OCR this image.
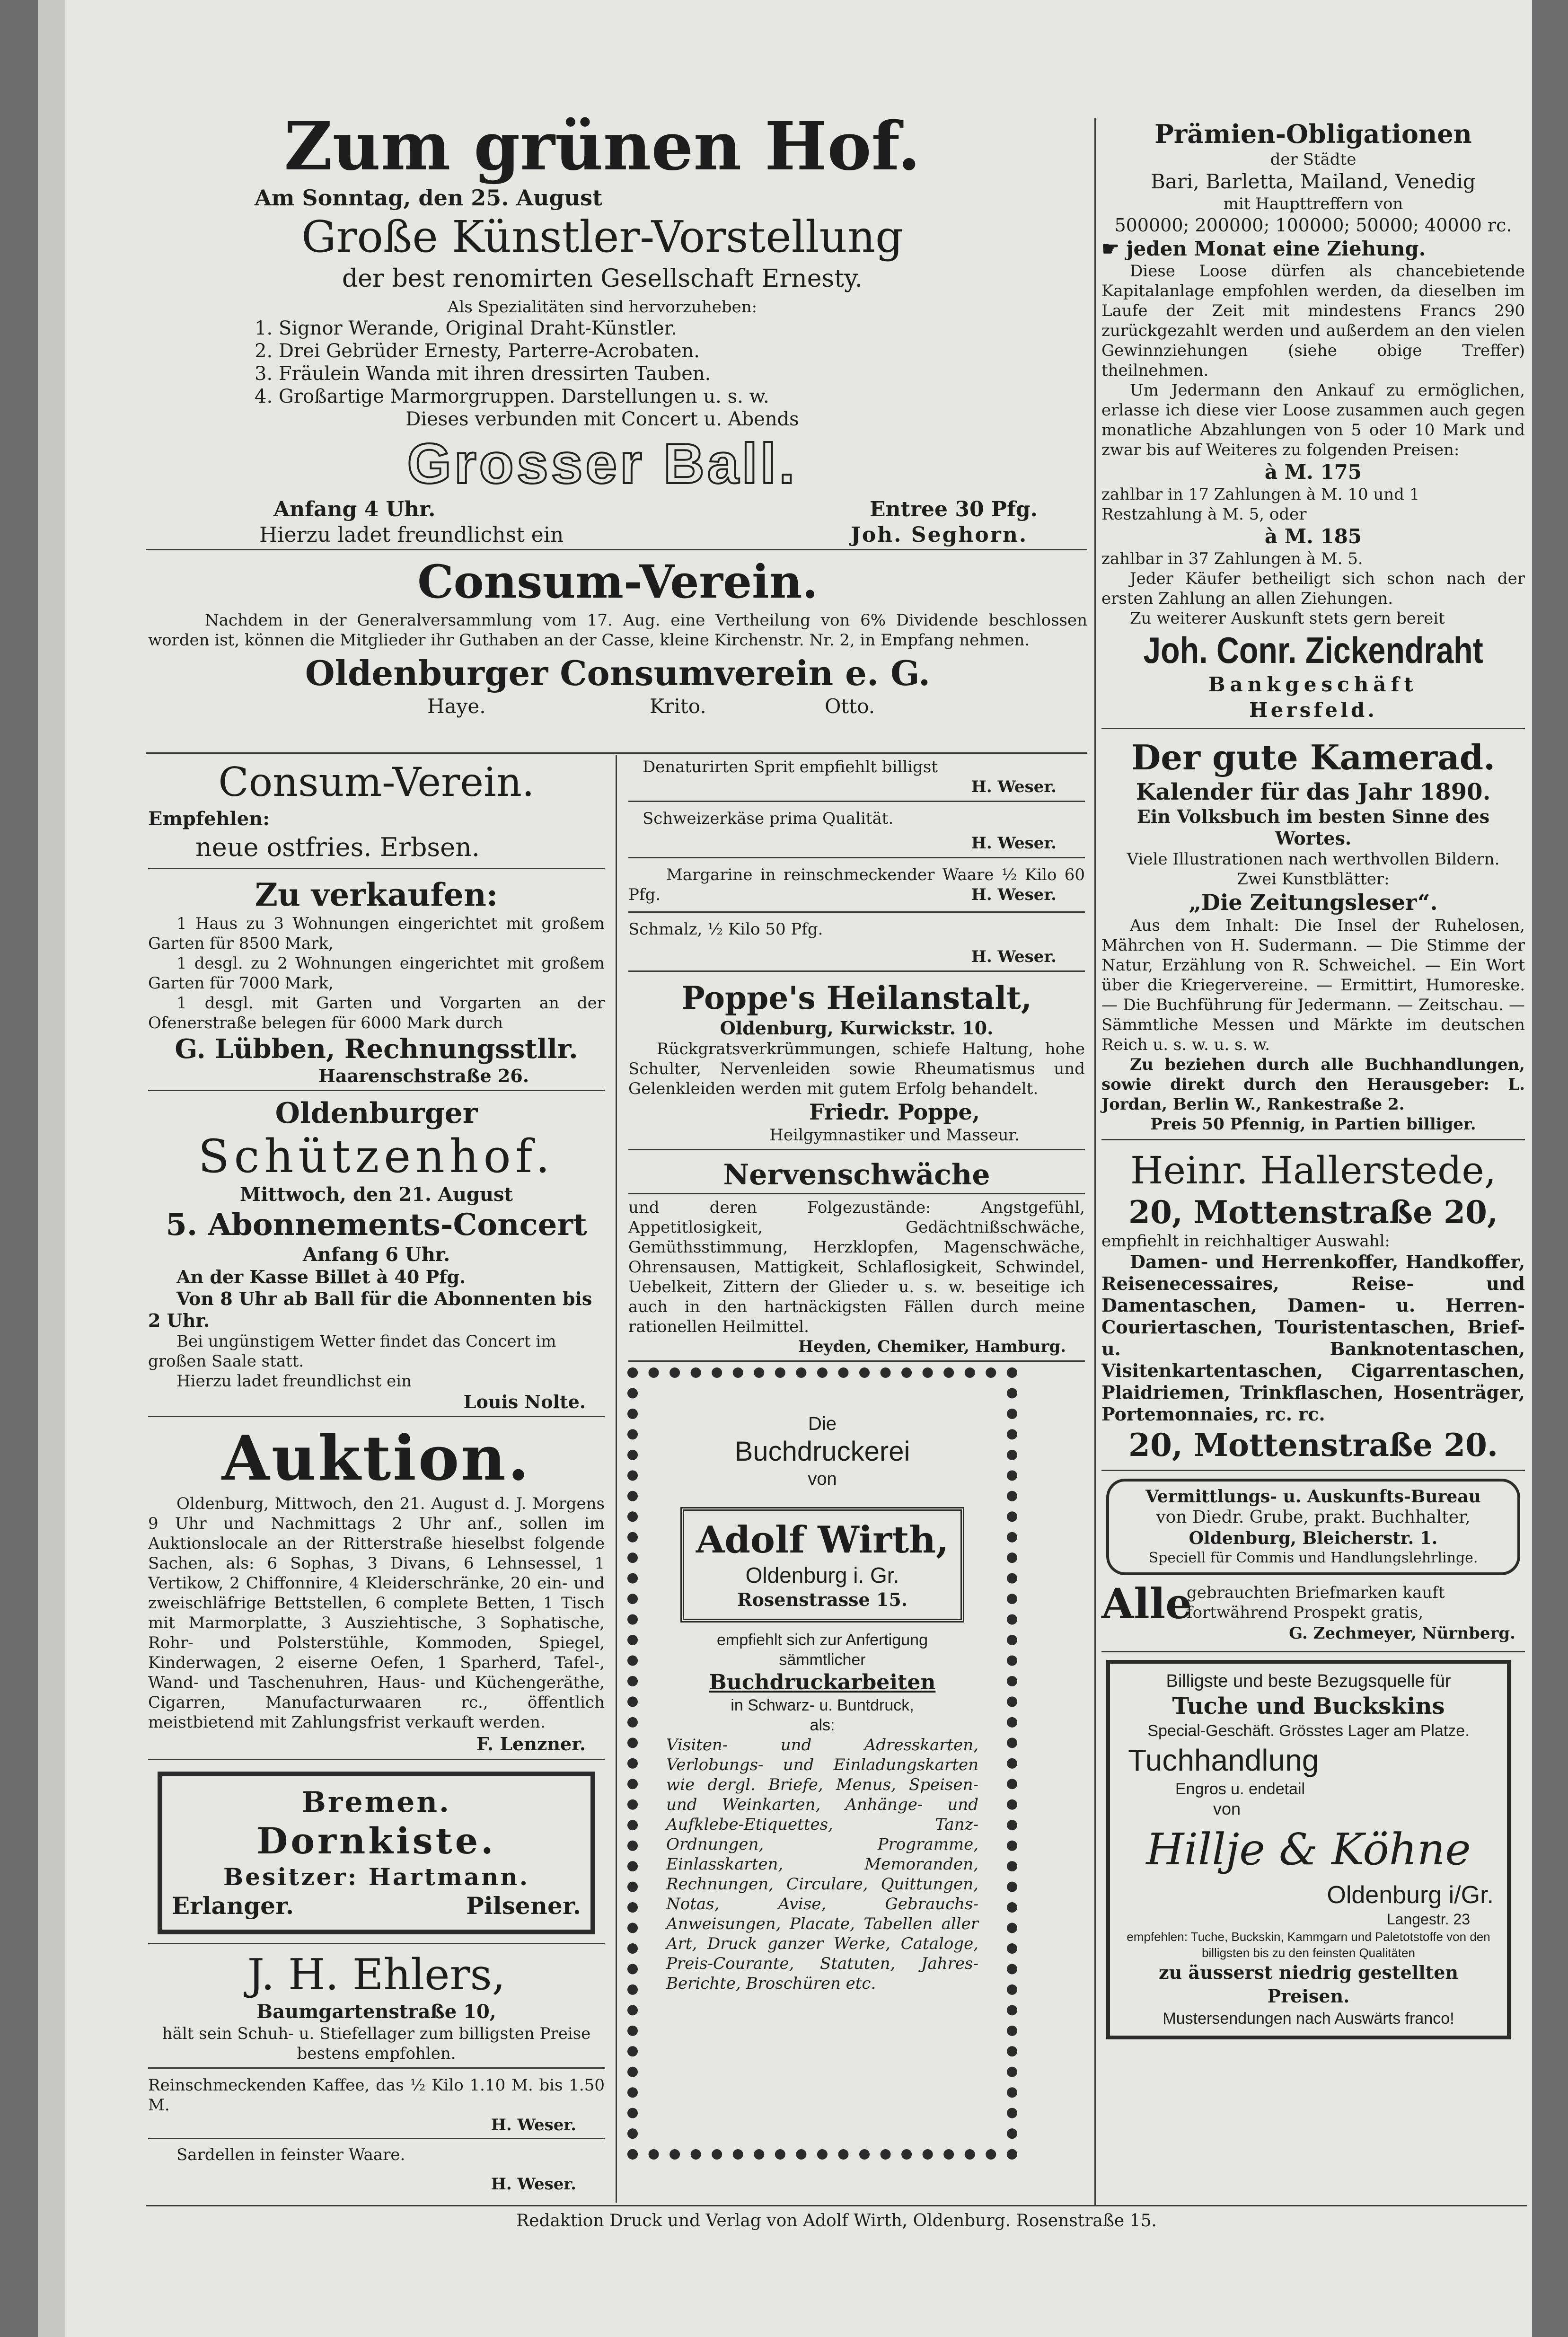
Zum grünen Hof.
Am Sonntag, den 25. August
Große Künstler-Vorstellung
der best renomirten Gesellschaft Ernesty.
Als Spezialitäten sind hervorzuheben:
1. Signor Werande, Original Draht-Künstler.
2. Drei Gebrüder Ernesty, Parterre-Acrobaten.
3. Fräulein Wanda mit ihren dressirten Tauben.
4. Großartige Marmorgruppen. Darstellungen u. s. w.
Dieses verbunden mit Concert u. Abends
Grosser Ball.
Anfang 4 Uhr.	Entree 30 Pfg.
Hierzu ladet freundlichst ein	Joh. Seghorn.
Consum-Verein.
Nachdem in der Generalversammlung vom 17. Aug. eine Vertheilung von 6% Dividende beschlossen worden ist, können die Mitglieder ihr Guthaben an der Casse, kleine Kirchenstr. Nr. 2, in Empfang nehmen.
Oldenburger Consumverein e. G.
Haye.	Krito.	Otto.
Consum-Verein.
Empfehlen:
neue ostfries. Erbsen.
Zu verkaufen:
1 Haus zu 3 Wohnungen eingerichtet mit großem Garten für 8500 Mark,
1 desgl. zu 2 Wohnungen eingerichtet mit großem Garten für 7000 Mark,
1 desgl. mit Garten und Vorgarten an der Ofenerstraße belegen für 6000 Mark durch
G. Lübben, Rechnungsstllr.
Haarenschstraße 26.
Oldenburger
Schützenhof.
Mittwoch, den 21. August
5. Abonnements-Concert
Anfang 6 Uhr.
An der Kasse Billet à 40 Pfg.
Von 8 Uhr ab Ball für die Abonnenten bis 2 Uhr.
Bei ungünstigem Wetter findet das Concert im großen Saale statt.
Hierzu ladet freundlichst ein
Louis Nolte.
Auktion.
Oldenburg, Mittwoch, den 21. August d. J. Morgens 9 Uhr und Nachmittags 2 Uhr anf., sollen im Auktionslocale an der Ritterstraße hieselbst folgende Sachen, als: 6 Sophas, 3 Divans, 6 Lehnsessel, 1 Vertikow, 2 Chiffonnire, 4 Kleiderschränke, 20 ein- und zweischläfrige Bettstellen, 6 complete Betten, 1 Tisch mit Marmorplatte, 3 Ausziehtische, 3 Sophatische, Rohr- und Polsterstühle, Kommoden, Spiegel, Kinderwagen, 2 eiserne Oefen, 1 Sparherd, Tafel-, Wand- und Taschenuhren, Haus- und Küchengeräthe, Cigarren, Manufacturwaaren rc., öffentlich meistbietend mit Zahlungsfrist verkauft werden.
F. Lenzner.
Bremen.
Dornkiste.
Besitzer: Hartmann.
Erlanger.	Pilsener.
J. H. Ehlers,
Baumgartenstraße 10,
hält sein Schuh- u. Stiefellager zum billigsten Preise bestens empfohlen.
Reinschmeckenden Kaffee, das ½ Kilo 1.10 M. bis 1.50 M.
H. Weser.
Sardellen in feinster Waare.
H. Weser.
Denaturirten Sprit empfiehlt billigst
H. Weser.
Schweizerkäse prima Qualität.
H. Weser.
Margarine in reinschmeckender Waare ½ Kilo 60 Pfg.	H. Weser.
Schmalz, ½ Kilo 50 Pfg.
H. Weser.
Poppe's Heilanstalt,
Oldenburg, Kurwickstr. 10.
Rückgratsverkrümmungen, schiefe Haltung, hohe Schulter, Nervenleiden sowie Rheumatismus und Gelenkleiden werden mit gutem Erfolg behandelt.
Friedr. Poppe,
Heilgymnastiker und Masseur.
Nervenschwäche
und deren Folgezustände: Angstgefühl, Appetitlosigkeit, Gedächtnißschwäche, Gemüthsstimmung, Herzklopfen, Magenschwäche, Ohrensausen, Mattigkeit, Schlaflosigkeit, Schwindel, Uebelkeit, Zittern der Glieder u. s. w. beseitige ich auch in den hartnäckigsten Fällen durch meine rationellen Heilmittel.
Heyden, Chemiker, Hamburg.
Die
Buchdruckerei
von
Adolf Wirth,
Oldenburg i. Gr.
Rosenstrasse 15.
empfiehlt sich zur Anfertigung
sämmtlicher
Buchdruckarbeiten
in Schwarz- u. Buntdruck,
als:
Visiten- und Adresskarten, Verlobungs- und Einladungskarten wie dergl. Briefe, Menus, Speisen- und Weinkarten, Anhänge- und Aufklebe-Etiquettes, Tanz-Ordnungen, Programme, Einlasskarten, Memoranden, Rechnungen, Circulare, Quittungen, Notas, Avise, Gebrauchs-Anweisungen, Placate, Tabellen aller Art, Druck ganzer Werke, Cataloge, Preis-Courante, Statuten, Jahres-Berichte, Broschüren etc.
Prämien-Obligationen
der Städte
Bari, Barletta, Mailand, Venedig
mit Haupttreffern von
500000; 200000; 100000; 50000; 40000 rc.
☛ jeden Monat eine Ziehung.
Diese Loose dürfen als chancebietende Kapitalanlage empfohlen werden, da dieselben im Laufe der Zeit mit mindestens Francs 290 zurückgezahlt werden und außerdem an den vielen Gewinnziehungen (siehe obige Treffer) theilnehmen.
Um Jedermann den Ankauf zu ermöglichen, erlasse ich diese vier Loose zusammen auch gegen monatliche Abzahlungen von 5 oder 10 Mark und zwar bis auf Weiteres zu folgenden Preisen:
à M. 175
zahlbar in 17 Zahlungen à M. 10 und 1 Restzahlung à M. 5, oder
à M. 185
zahlbar in 37 Zahlungen à M. 5.
Jeder Käufer betheiligt sich schon nach der ersten Zahlung an allen Ziehungen.
Zu weiterer Auskunft stets gern bereit
Joh. Conr. Zickendraht
Bankgeschäft
Hersfeld.
Der gute Kamerad.
Kalender für das Jahr 1890.
Ein Volksbuch im besten Sinne des Wortes.
Viele Illustrationen nach werthvollen Bildern.
Zwei Kunstblätter:
„Die Zeitungsleser“.
Aus dem Inhalt: Die Insel der Ruhelosen, Mährchen von H. Sudermann. — Die Stimme der Natur, Erzählung von R. Schweichel. — Ein Wort über die Kriegervereine. — Ermittirt, Humoreske. — Die Buchführung für Jedermann. — Zeitschau. — Sämmtliche Messen und Märkte im deutschen Reich u. s. w. u. s. w.
Zu beziehen durch alle Buchhandlungen, sowie direkt durch den Herausgeber: L. Jordan, Berlin W., Rankestraße 2.
Preis 50 Pfennig, in Partien billiger.
Heinr. Hallerstede,
20, Mottenstraße 20,
empfiehlt in reichhaltiger Auswahl:
Damen- und Herrenkoffer, Handkoffer, Reisenecessaires, Reise- und Damentaschen, Damen- u. Herren-Couriertaschen, Touristentaschen, Brief- u. Banknotentaschen, Visitenkartentaschen, Cigarrentaschen, Plaidriemen, Trinkflaschen, Hosenträger, Portemonnaies, rc. rc.
20, Mottenstraße 20.
Vermittlungs- u. Auskunfts-Bureau
von Diedr. Grube, prakt. Buchhalter,
Oldenburg, Bleicherstr. 1.
Speciell für Commis und Handlungslehrlinge.
Alle
gebrauchten Briefmarken kauft fortwährend Prospekt gratis,
G. Zechmeyer, Nürnberg.
Billigste und beste Bezugsquelle für
Tuche und Buckskins
Special-Geschäft. Grösstes Lager am Platze.
Tuchhandlung
Engros u. endetail
von
Hillje & Köhne
Oldenburg i/Gr.
Langestr. 23
empfehlen: Tuche, Buckskin, Kammgarn und Paletotstoffe von den billigsten bis zu den feinsten Qualitäten
zu äusserst niedrig gestellten Preisen.
Mustersendungen nach Auswärts franco!
Redaktion Druck und Verlag von Adolf Wirth, Oldenburg. Rosenstraße 15.
